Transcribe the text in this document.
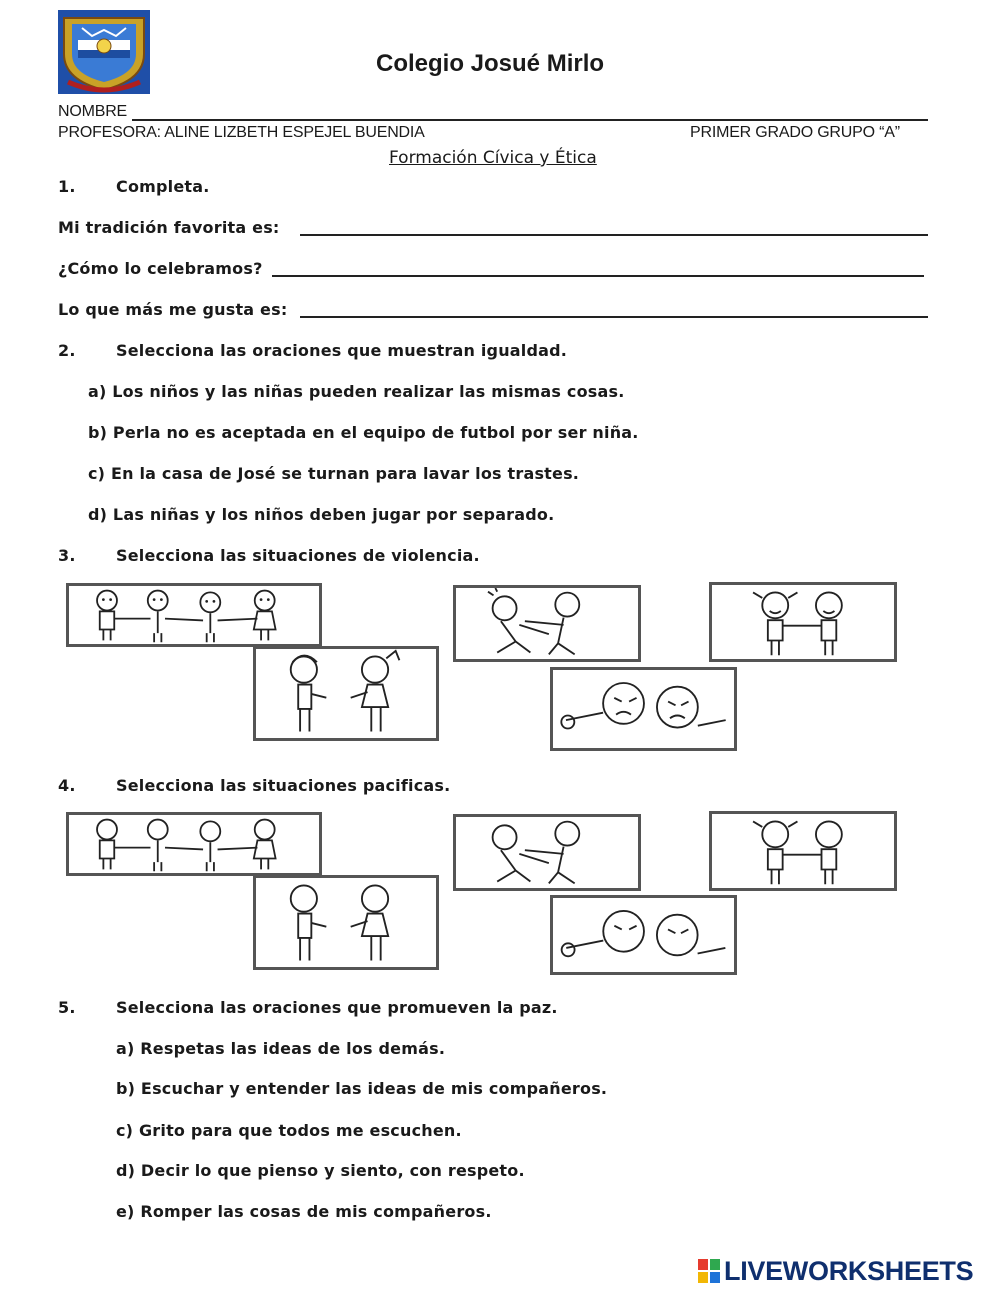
Colegio Josué Mirlo
NOMBRE
PROFESORA: ALINE LIZBETH ESPEJEL BUENDIA	PRIMER GRADO GRUPO “A”
Formación Cívica y Ética
1.	Completa.
Mi tradición favorita es:
¿Cómo lo celebramos?
Lo que más me gusta es:
2.	Selecciona las oraciones que muestran igualdad.
a) Los niños y las niñas pueden realizar las mismas cosas.
b) Perla no es aceptada en el equipo de futbol por ser niña.
c) En la casa de José se turnan para lavar los trastes.
d) Las niñas y los niños deben jugar por separado.
3.	Selecciona las situaciones de violencia.
4.	Selecciona las situaciones pacificas.
5.	Selecciona las oraciones que promueven la paz.
a) Respetas las ideas de los demás.
b) Escuchar y entender las ideas de mis compañeros.
c) Grito para que todos me escuchen.
d) Decir lo que pienso y siento, con respeto.
e) Romper las cosas de mis compañeros.
LIVEWORKSHEETS
